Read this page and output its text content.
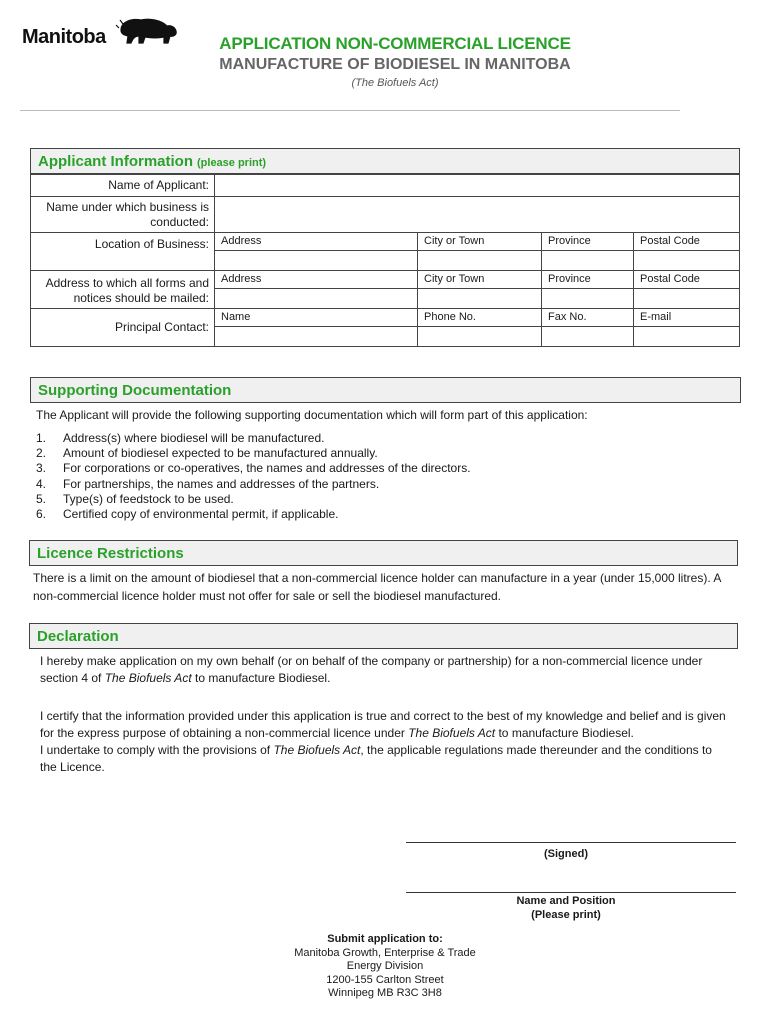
Manitoba	APPLICATION NON-COMMERCIAL LICENCE
MANUFACTURE OF BIODIESEL IN MANITOBA
(The Biofuels Act)
Applicant Information (please print)
Name of Applicant:				
Name under which business is conducted:				
Location of Business:	Address	City or Town	Province	Postal Code

Address to which all forms and notices should be mailed:	Address	City or Town	Province	Postal Code

Principal Contact:	Name	Phone No.	Fax No.	E-mail

Supporting Documentation
The Applicant will provide the following supporting documentation which will form part of this application:
1.	Address(s) where biodiesel will be manufactured.
2.	Amount of biodiesel expected to be manufactured annually.
3.	For corporations or co-operatives, the names and addresses of the directors.
4.	For partnerships, the names and addresses of the partners.
5.	Type(s) of feedstock to be used.
6.	Certified copy of environmental permit, if applicable.
Licence Restrictions
There is a limit on the amount of biodiesel that a non-commercial licence holder can manufacture in a year (under 15,000 litres). A non-commercial licence holder must not offer for sale or sell the biodiesel manufactured.
Declaration
I hereby make application on my own behalf (or on behalf of the company or partnership) for a non-commercial licence under section 4 of The Biofuels Act to manufacture Biodiesel.
I certify that the information provided under this application is true and correct to the best of my knowledge and belief and is given for the express purpose of obtaining a non-commercial licence under The Biofuels Act to manufacture Biodiesel.
I undertake to comply with the provisions of The Biofuels Act, the applicable regulations made thereunder and the conditions to the Licence.
(Signed)
Name and Position
(Please print)
Submit application to:
Manitoba Growth, Enterprise & Trade
Energy Division
1200-155 Carlton Street
Winnipeg MB R3C 3H8
